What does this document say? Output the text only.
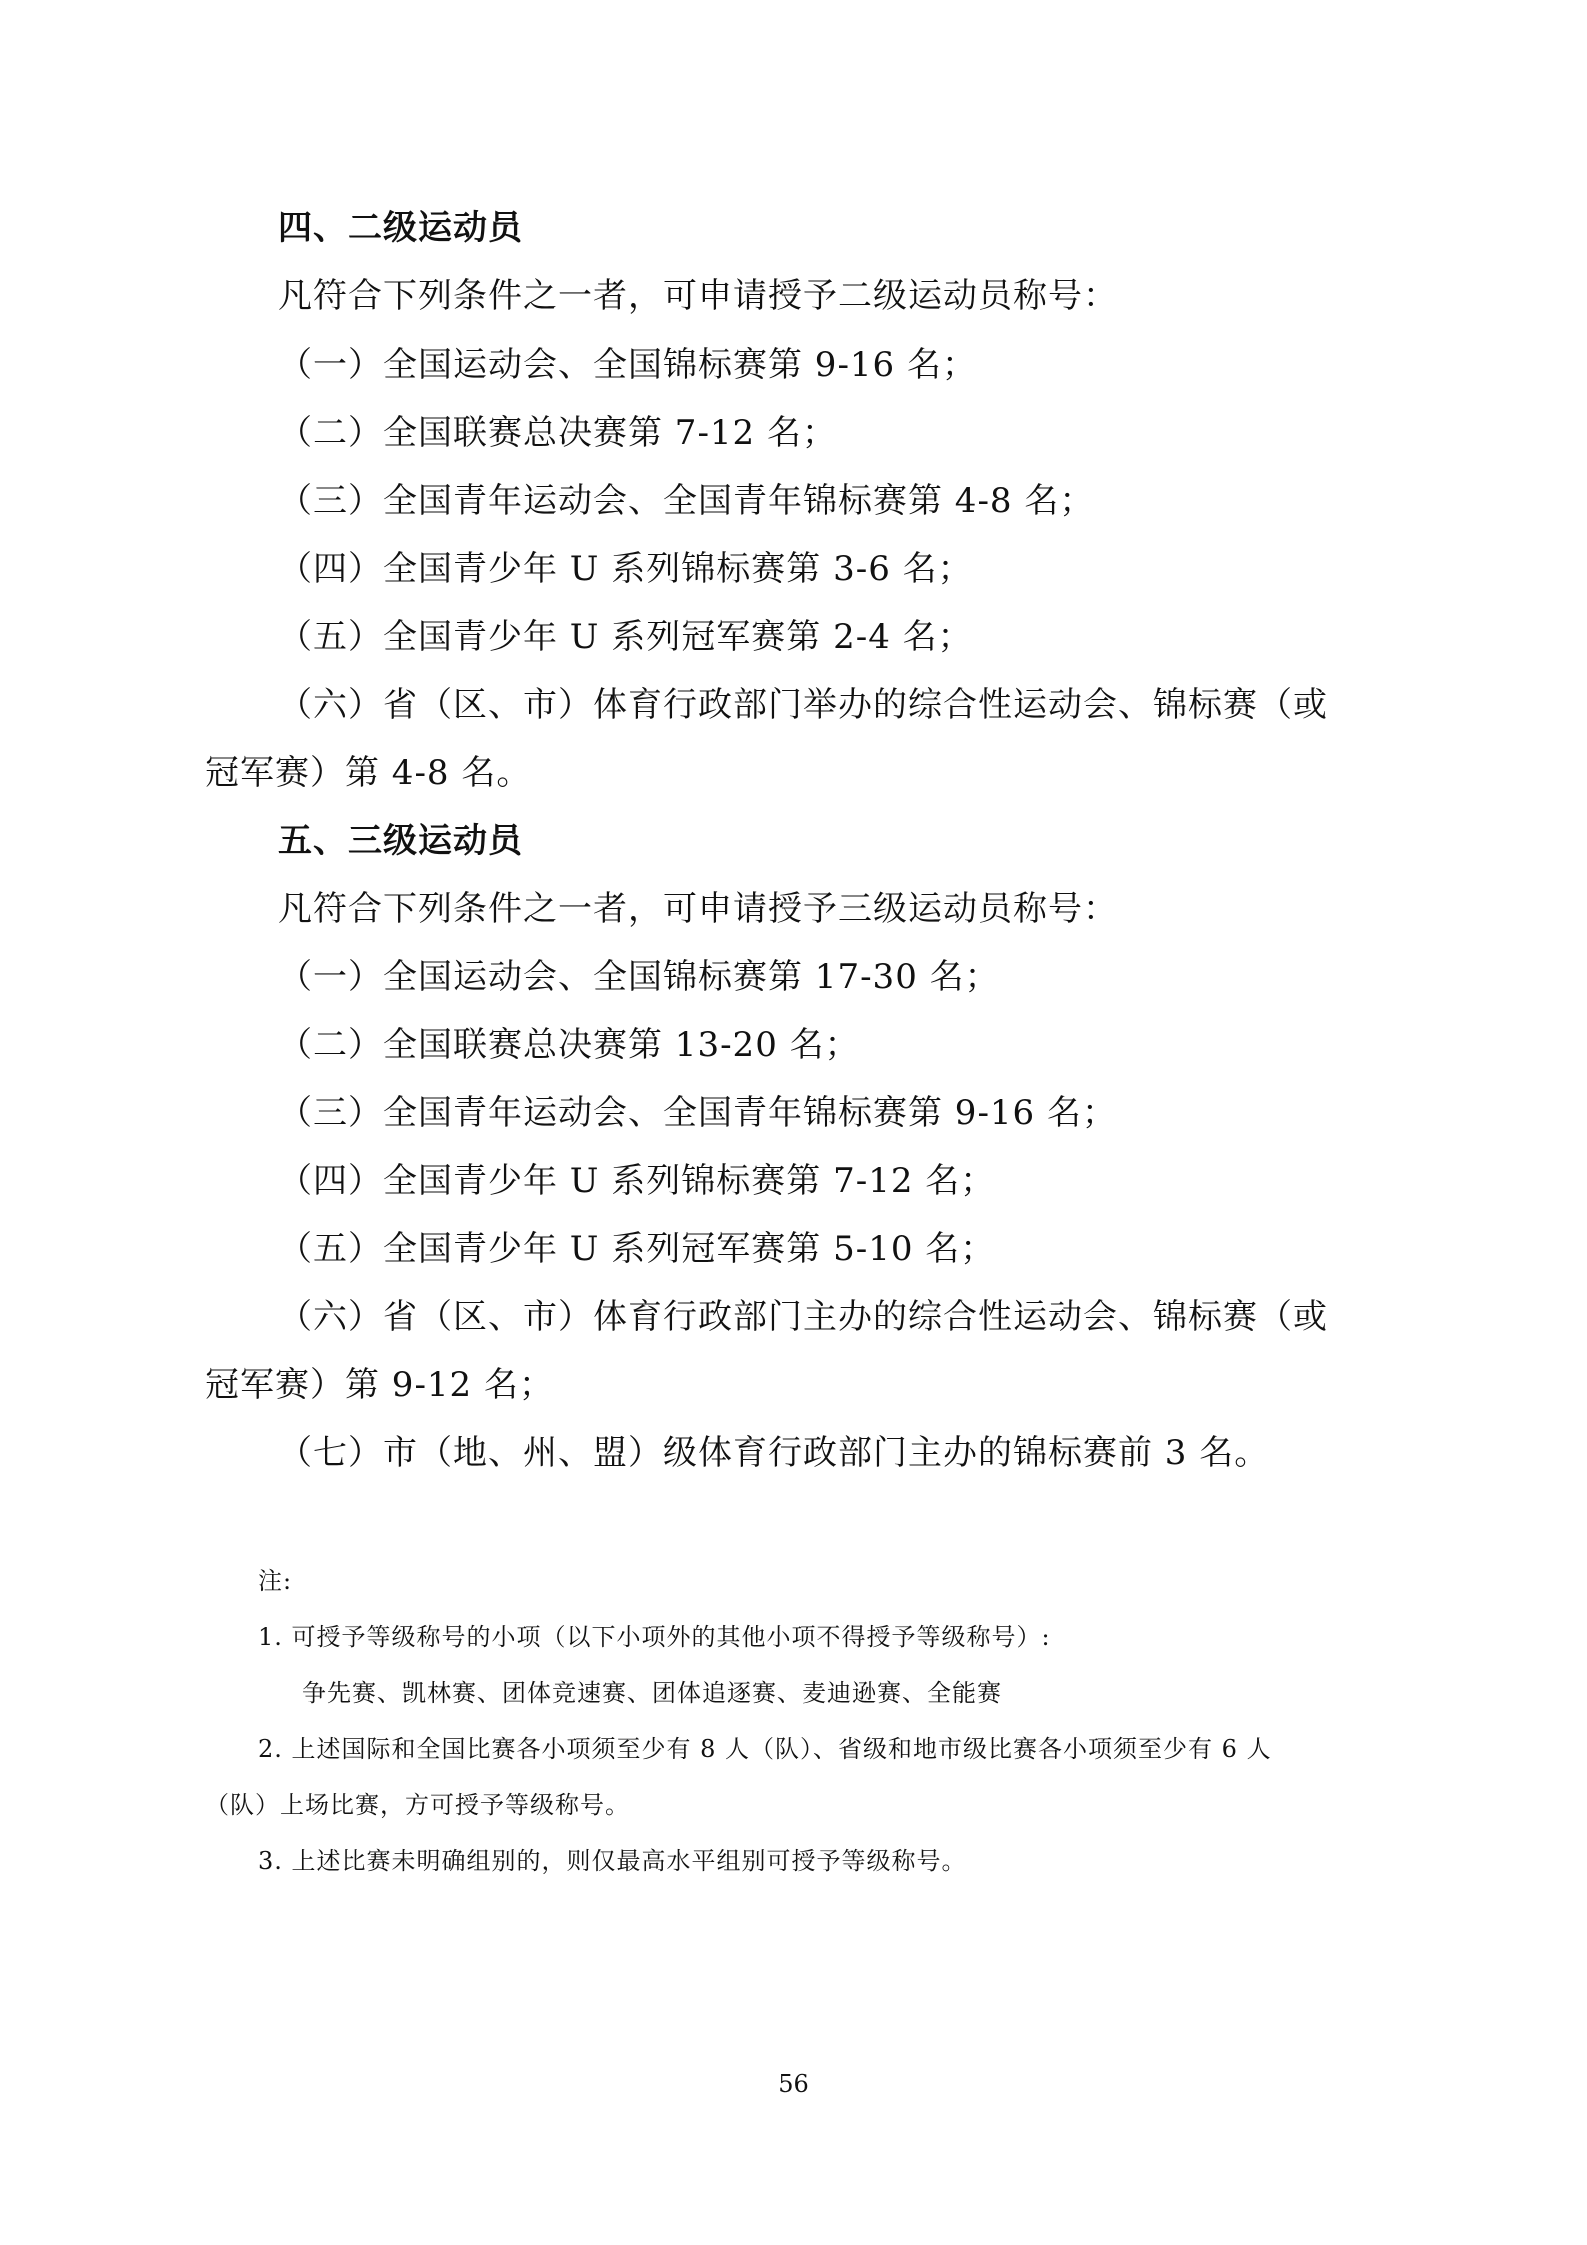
四、二级运动员
凡符合下列条件之一者，可申请授予二级运动员称号：
（一）全国运动会、全国锦标赛第 9-16 名；
（二）全国联赛总决赛第 7-12 名；
（三）全国青年运动会、全国青年锦标赛第 4-8 名；
（四）全国青少年 U 系列锦标赛第 3-6 名；
（五）全国青少年 U 系列冠军赛第 2-4 名；
（六）省（区、市）体育行政部门举办的综合性运动会、锦标赛（或
冠军赛）第 4-8 名。
五、三级运动员
凡符合下列条件之一者，可申请授予三级运动员称号：
（一）全国运动会、全国锦标赛第 17-30 名；
（二）全国联赛总决赛第 13-20 名；
（三）全国青年运动会、全国青年锦标赛第 9-16 名；
（四）全国青少年 U 系列锦标赛第 7-12 名；
（五）全国青少年 U 系列冠军赛第 5-10 名；
（六）省（区、市）体育行政部门主办的综合性运动会、锦标赛（或
冠军赛）第 9-12 名；
（七）市（地、州、盟）级体育行政部门主办的锦标赛前 3 名。
注:
1. 可授予等级称号的小项（以下小项外的其他小项不得授予等级称号）:
争先赛、凯林赛、团体竞速赛、团体追逐赛、麦迪逊赛、全能赛
2. 上述国际和全国比赛各小项须至少有 8 人（队）、省级和地市级比赛各小项须至少有 6 人
（队）上场比赛，方可授予等级称号。
3. 上述比赛未明确组别的，则仅最高水平组别可授予等级称号。
56
